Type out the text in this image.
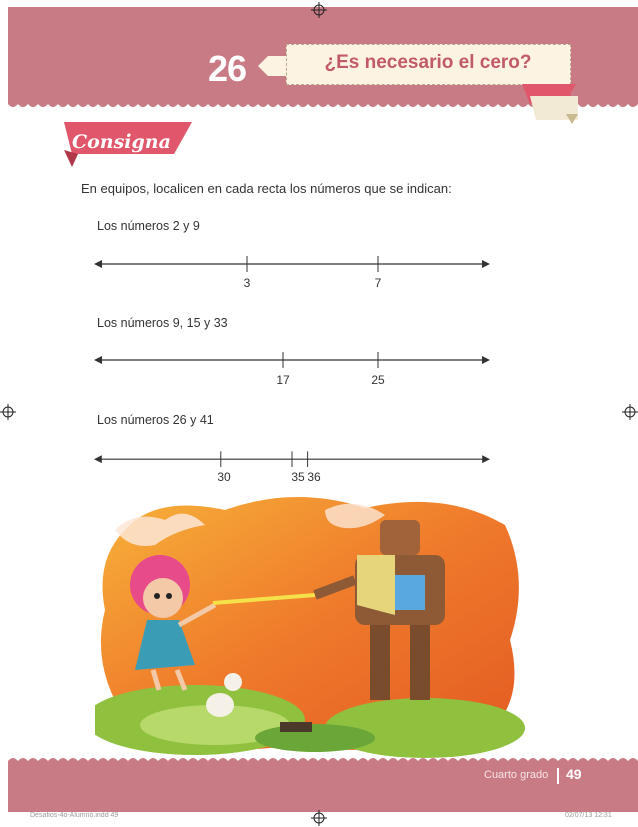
26	¿Es necesario el cero?
Consigna
En equipos, localicen en cada recta los números que se indican:
Los números 2 y 9
3	7
Los números 9, 15 y 33
17	25
Los números 26 y 41
30	35 36
Cuarto grado 49
Desafios-4o-Alumno.indd 49	02/07/13 12:31
